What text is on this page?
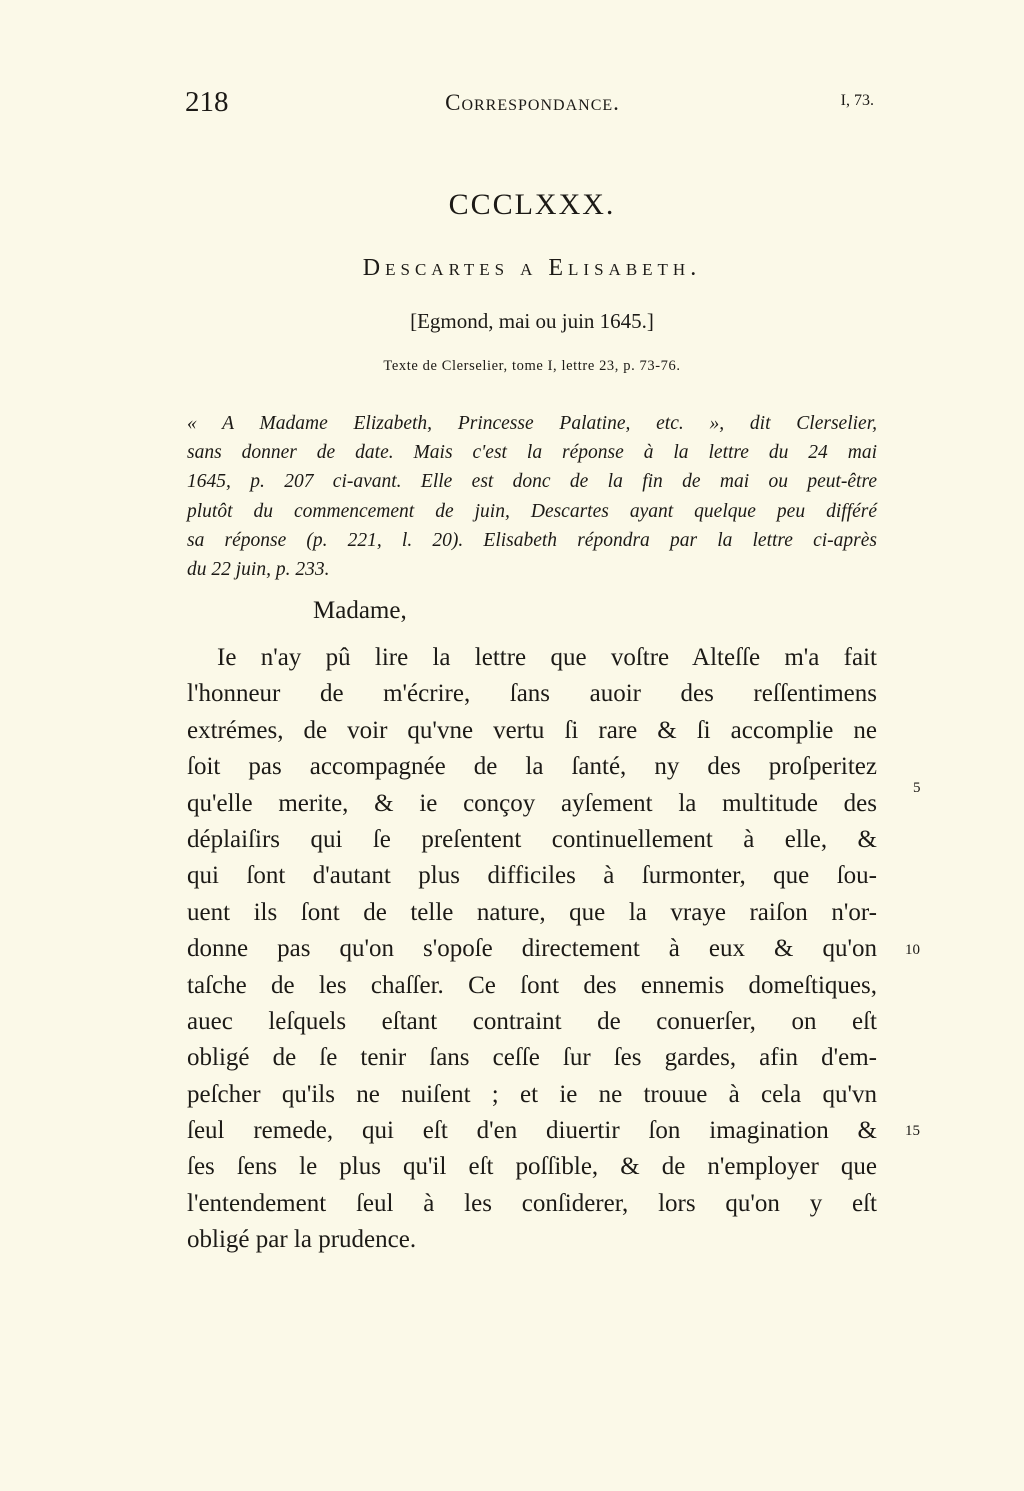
218	Correspondance.	I, 73.
CCCLXXX.
Descartes a Elisabeth.
[Egmond, mai ou juin 1645.]
Texte de Clerselier, tome I, lettre 23, p. 73-76.
« A Madame Elizabeth, Princesse Palatine, etc. », dit Clerselier,
sans donner de date. Mais c'est la réponse à la lettre du 24 mai
1645, p. 207 ci-avant. Elle est donc de la fin de mai ou peut-être
plutôt du commencement de juin, Descartes ayant quelque peu différé
sa réponse (p. 221, l. 20). Elisabeth répondra par la lettre ci-après
du 22 juin, p. 233.
Madame,
Ie n'ay pû lire la lettre que voſtre Alteſſe m'a fait
l'honneur de m'écrire, ſans auoir des reſſentimens
extrémes, de voir qu'vne vertu ſi rare & ſi accomplie ne
ſoit pas accompagnée de la ſanté, ny des proſperitez
qu'elle merite, & ie conçoy ayſement la multitude des
déplaiſirs qui ſe preſentent continuellement à elle, &
qui ſont d'autant plus difficiles à ſurmonter, que ſou-
uent ils ſont de telle nature, que la vraye raiſon n'or-
donne pas qu'on s'opoſe directement à eux & qu'on
taſche de les chaſſer. Ce ſont des ennemis domeſtiques,
auec leſquels eſtant contraint de conuerſer, on eſt
obligé de ſe tenir ſans ceſſe ſur ſes gardes, afin d'em-
peſcher qu'ils ne nuiſent ; et ie ne trouue à cela qu'vn
ſeul remede, qui eſt d'en diuertir ſon imagination &
ſes ſens le plus qu'il eſt poſſible, & de n'employer que
l'entendement ſeul à les conſiderer, lors qu'on y eſt
obligé par la prudence.
5
10
15
